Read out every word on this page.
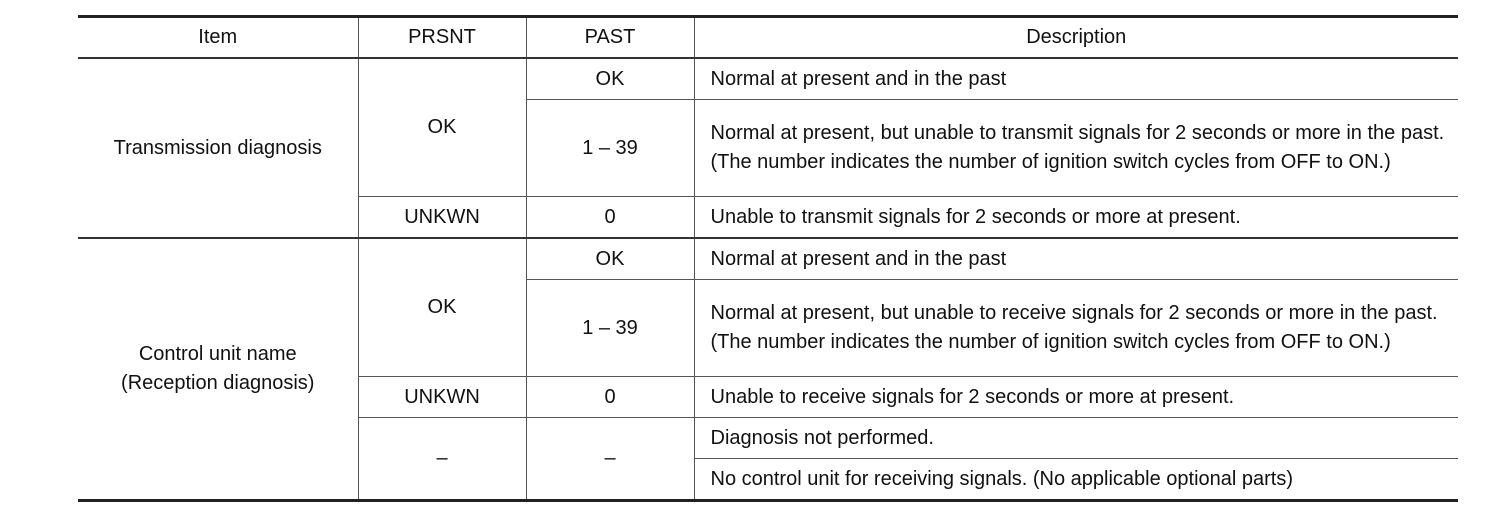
Item	PRSNT	PAST	Description
Transmission diagnosis	OK	OK	Normal at present and in the past
		1 – 39	Normal at present, but unable to transmit signals for 2 seconds or more in the past. (The number indicates the number of ignition switch cycles from OFF to ON.)
	UNKWN	0	Unable to transmit signals for 2 seconds or more at present.

Control unit name
(Reception diagnosis)	OK	OK	Normal at present and in the past
		1 – 39	Normal at present, but unable to receive signals for 2 seconds or more in the past. (The number indicates the number of ignition switch cycles from OFF to ON.)
	UNKWN	0	Unable to receive signals for 2 seconds or more at present.
	–	–	Diagnosis not performed.
			No control unit for receiving signals. (No applicable optional parts)
